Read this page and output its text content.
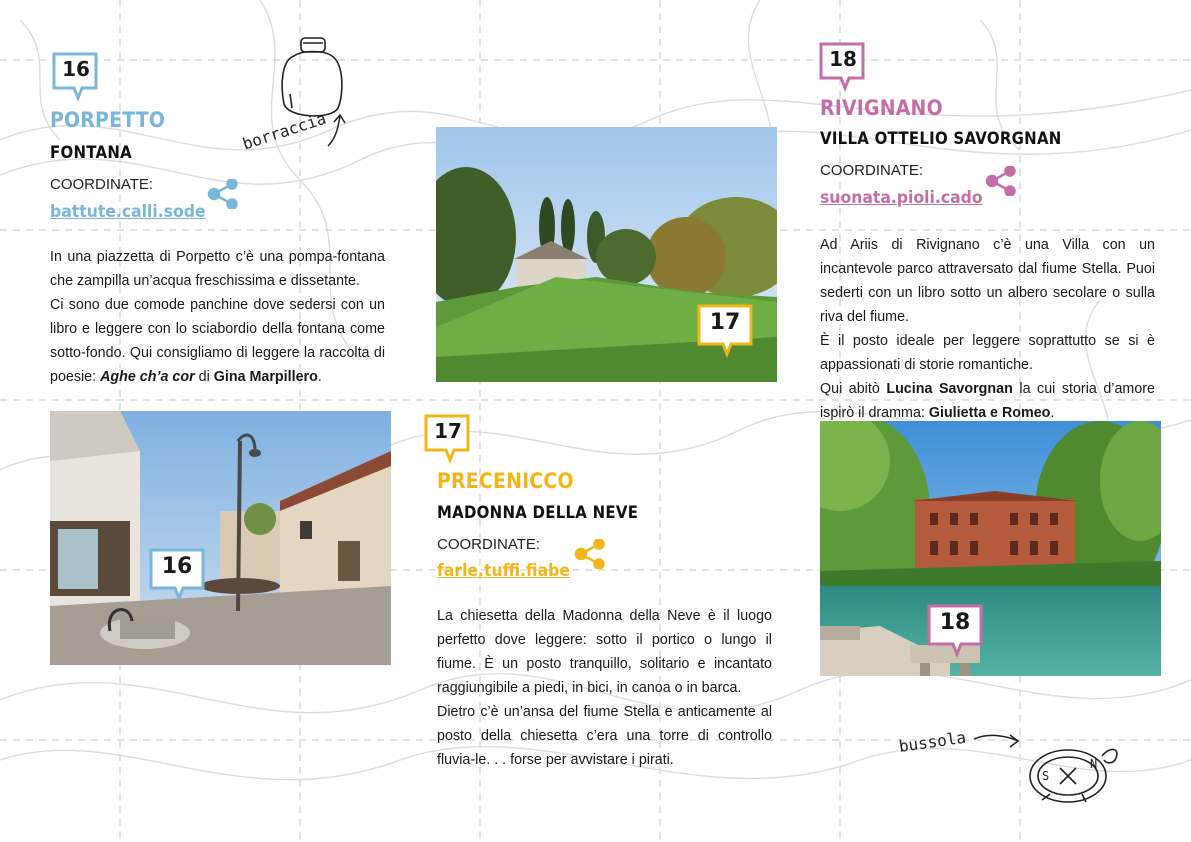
16
PORPETTO
FONTANA
COORDINATE:
battute.calli.sode
borraccia

In una piazzetta di Porpetto c’è una pompa-fontana che zampilla un’acqua freschissima e dissetante.

Ci sono due comode panchine dove sedersi con un libro e leggere con lo sciabordio della fontana come sotto-fondo. Qui consigliamo di leggere la raccolta di poesie: Aghe ch’a cor di Gina Marpillero.

16
17
17
PRECENICCO
MADONNA DELLA NEVE
COORDINATE:
farle.tuffi.fiabe

La chiesetta della Madonna della Neve è il luogo perfetto dove leggere: sotto il portico o lungo il fiume. È un posto tranquillo, solitario e incantato raggiungibile a piedi, in bici, in canoa o in barca.

Dietro c’è un’ansa del fiume Stella e anticamente al posto della chiesetta c’era una torre di controllo fluvia-le. . . forse per avvistare i pirati.

18
RIVIGNANO
VILLA OTTELIO SAVORGNAN
COORDINATE:
suonata.pioli.cado

Ad Ariis di Rivignano c’è una Villa con un incantevole parco attraversato dal fiume Stella. Puoi sederti con un libro sotto un albero secolare o sulla riva del fiume.

È il posto ideale per leggere soprattutto se si è appassionati di storie romantiche.

Qui abitò Lucina Savorgnan la cui storia d’amore ispirò il dramma: Giulietta e Romeo.

18
bussola
N
S
